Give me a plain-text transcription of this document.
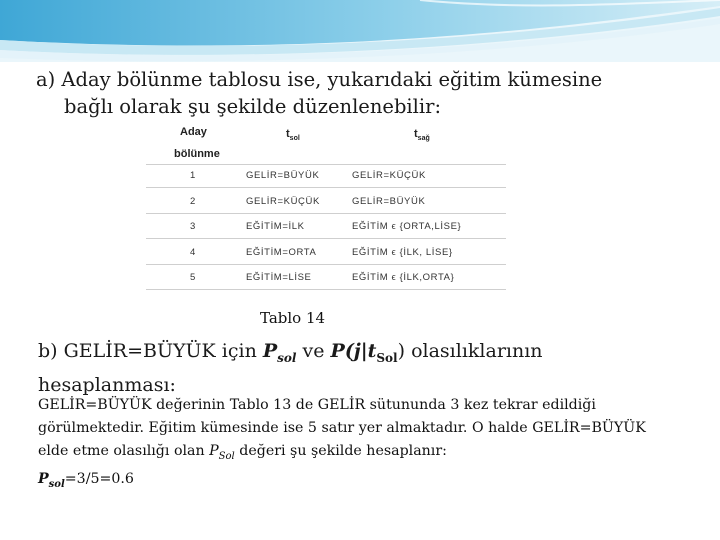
a) Aday bölünme tablosu ise, yukarıdaki eğitim kümesine
bağlı olarak şu şekilde düzenlenebilir:
Aday
bölünme
$t_{sol}$	$t_{sağ}$
1	GELİR=BÜYÜK	GELİR=KÜÇÜK
2	GELİR=KÜÇÜK	GELİR=BÜYÜK
3	EĞİTİM=İLK	EĞİTİM ϵ {ORTA,LİSE}
4	EĞİTİM=ORTA	EĞİTİM ϵ {İLK, LİSE}
5	EĞİTİM=LİSE	EĞİTİM ϵ {İLK,ORTA}
Tablo 14
b) GELİR=BÜYÜK için $P_{sol}$ ve $P(j|t_{Sol})$ olasılıklarının
hesaplanması:
GELİR=BÜYÜK değerinin Tablo 13 de GELİR sütununda 3 kez tekrar edildiği
görülmektedir. Eğitim kümesinde ise 5 satır yer almaktadır. O halde GELİR=BÜYÜK
elde etme olasılığı olan $P_{Sol}$ değeri şu şekilde hesaplanır:
$P_{sol}=3/5=0.6$
